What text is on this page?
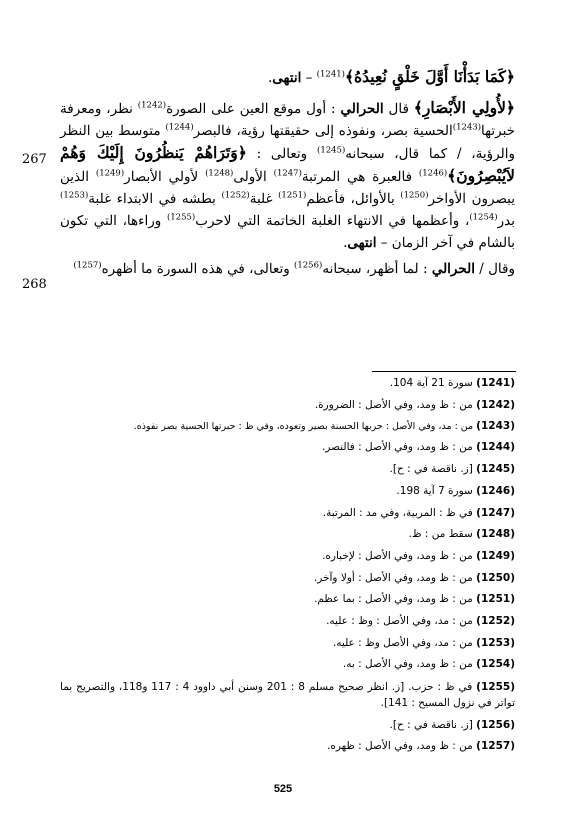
﴿كَمَا بَدَأْنَا أَوَّلَ خَلْقٍ نُعِيدُهُ﴾$^{(1241)}$ – انتهى.

﴿لأُولِي الأَبْصَارِ﴾ قال الحرالي : أول موقع العين على الصورة$^{(1242)}$ نظر، ومعرفة خبرتها$^{(1243)}$الحسية بصر، ونفوذه إلى حقيقتها رؤية، فالبصر$^{(1244)}$ متوسط بين النظر والرؤية، / كما قال، سبحانه$^{(1245)}$ وتعالى : ﴿وَتَرَاهُمْ يَنظُرُونَ إِلَيْكَ وَهُمْ لاَيُبْصِرُونَ﴾$^{(1246)}$ فالعبرة هي المرتبة$^{(1247)}$ الأولى$^{(1248)}$ لأولي الأبصار$^{(1249)}$ الذين يبصرون الأواخر$^{(1250)}$ بالأوائل، فأعظم$^{(1251)}$ غلبة$^{(1252)}$ بطشه في الابتداء غلبة$^{(1253)}$ بدر$^{(1254)}$، وأعظمها في الانتهاء الغلبة الخاتمة التي لاحرب$^{(1255)}$ وراءها، التي تكون بالشام في آخر الزمان – انتهى.

وقال / الحرالي : لما أظهر، سبحانه$^{(1256)}$ وتعالى، في هذه السورة ما أظهره$^{(1257)}$

267
268
(1241) سورة 21 آية 104.
(1242) من : ظ ومد، وفي الأصل : الضرورة.
(1243) من : مد، وفي الأصل : حربها الحسنة بصير وتعوده، وفي ظ : حبرتها الحسية بصر نفوذه.
(1244) من : ظ ومد، وفي الأصل : فالنصر.
(1245) [ز. ناقصة في : ح].
(1246) سورة 7 آية 198.
(1247) في ظ : المربية، وفي مد : المرتبة.
(1248) سقط من : ظ.
(1249) من : ظ ومد، وفي الأصل : لإخباره.
(1250) من : ظ ومد، وفي الأصل : أولا وآخر.
(1251) من : ظ ومد، وفي الأصل : بما عظم.
(1252) من : مد، وفي الأصل : وظ : عليه.
(1253) من : مد، وفي الأصل وظ : عليه.
(1254) من : ظ ومد، وفي الأصل : به.
(1255) في ظ : حزب. [ز. انظر صحيح مسلم 8 : 201 وسنن أبي داوود 4 : 117 و118، والتصريح بما تواتر في نزول المسيح : 141].
(1256) [ز. ناقصة في : ح].
(1257) من : ظ ومد، وفي الأصل : ظهره.
525
